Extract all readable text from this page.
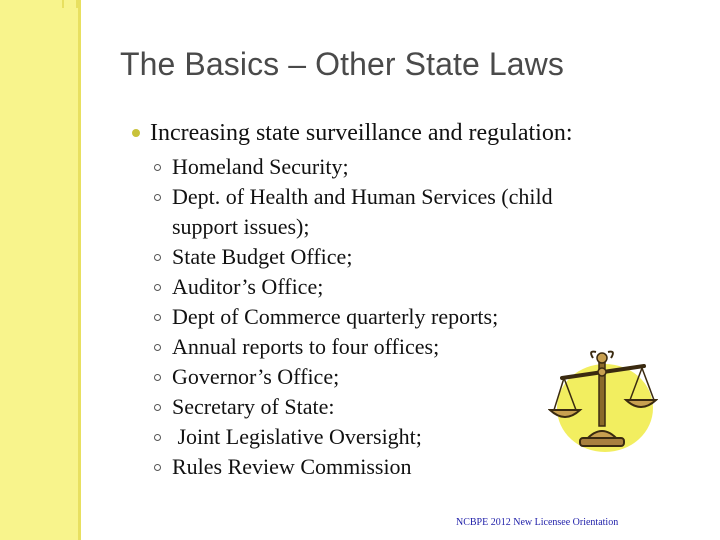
The Basics – Other State Laws
Increasing state surveillance and regulation:
Homeland Security;
Dept. of Health and Human Services (child
support issues);
State Budget Office;
Auditor’s Office;
Dept of Commerce quarterly reports;
Annual reports to four offices;
Governor’s Office;
Secretary of State:
Joint Legislative Oversight;
Rules Review Commission
NCBPE 2012 New Licensee Orientation
